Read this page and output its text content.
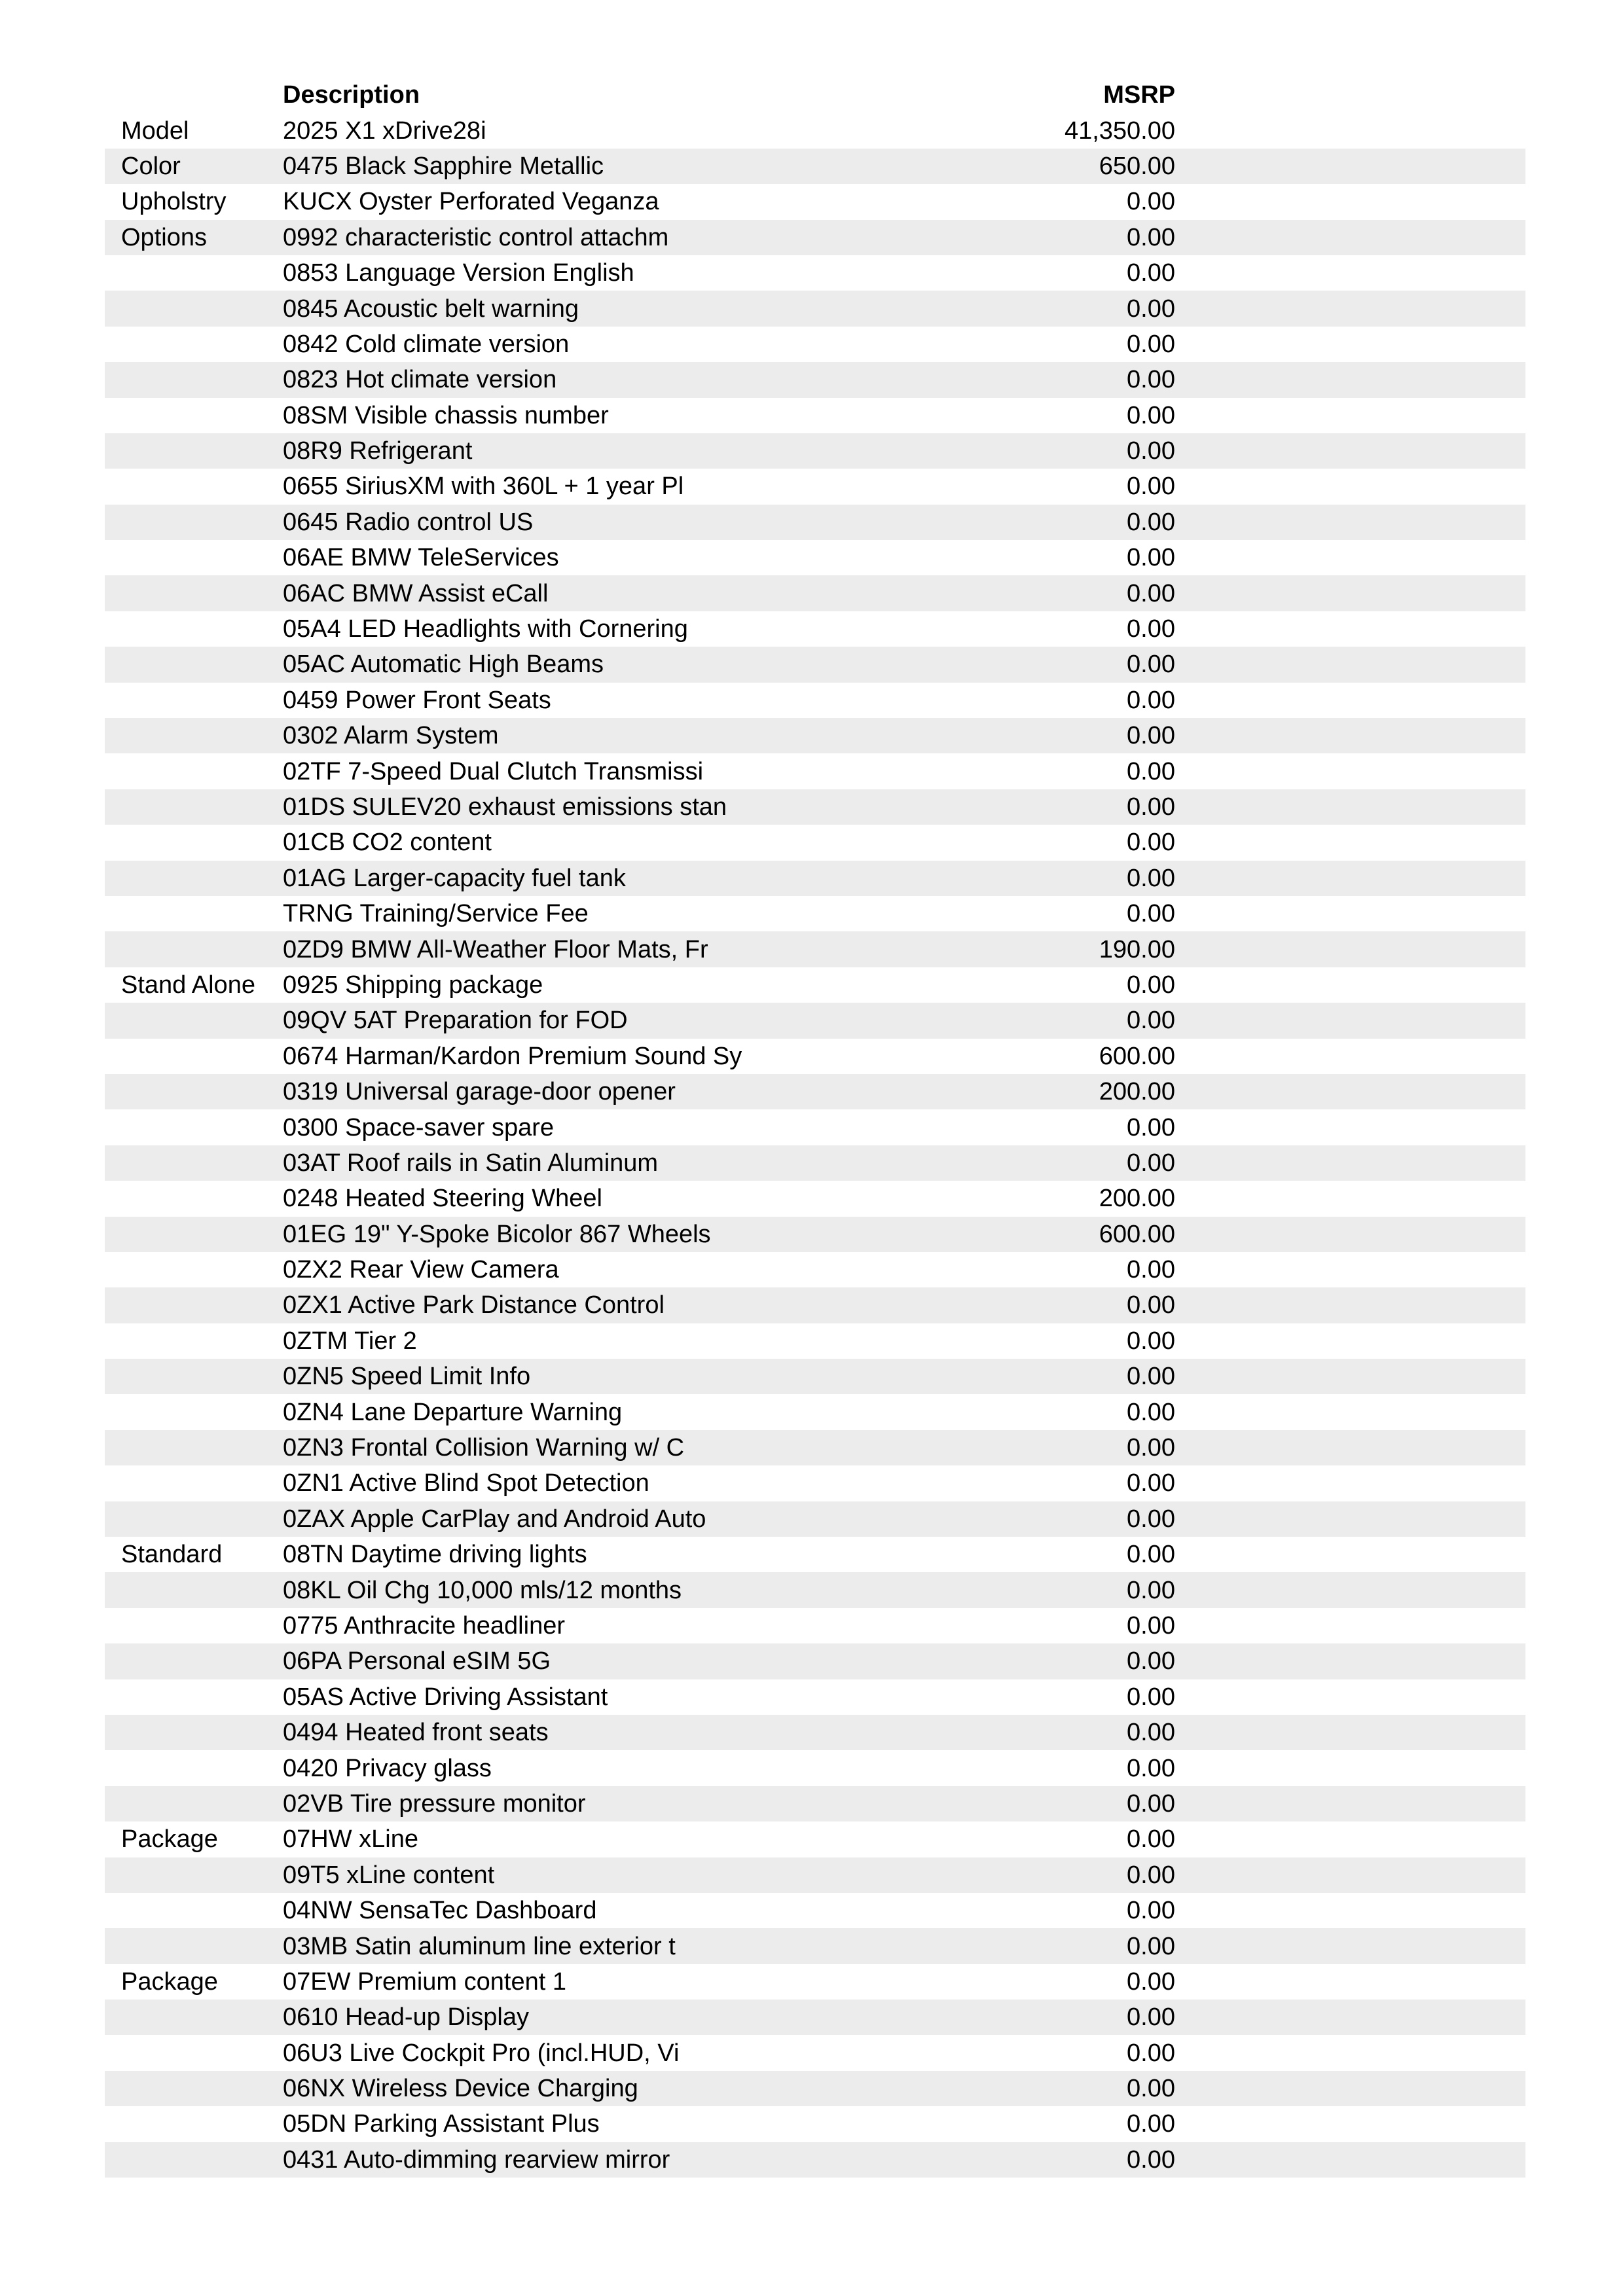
Description	MSRP
Model	2025 X1 xDrive28i	41,350.00
Color	0475 Black Sapphire Metallic	650.00
Upholstry	KUCX Oyster Perforated Veganza	0.00
Options	0992 characteristic control attachm	0.00
0853 Language Version English	0.00
0845 Acoustic belt warning	0.00
0842 Cold climate version	0.00
0823 Hot climate version	0.00
08SM Visible chassis number	0.00
08R9 Refrigerant	0.00
0655 SiriusXM with 360L + 1 year Pl	0.00
0645 Radio control US	0.00
06AE BMW TeleServices	0.00
06AC BMW Assist eCall	0.00
05A4 LED Headlights with Cornering	0.00
05AC Automatic High Beams	0.00
0459 Power Front Seats	0.00
0302 Alarm System	0.00
02TF 7-Speed Dual Clutch Transmissi	0.00
01DS SULEV20 exhaust emissions stan	0.00
01CB CO2 content	0.00
01AG Larger-capacity fuel tank	0.00
TRNG Training/Service Fee	0.00
0ZD9 BMW All-Weather Floor Mats, Fr	190.00
Stand Alone	0925 Shipping package	0.00
09QV 5AT Preparation for FOD	0.00
0674 Harman/Kardon Premium Sound Sy	600.00
0319 Universal garage-door opener	200.00
0300 Space-saver spare	0.00
03AT Roof rails in Satin Aluminum	0.00
0248 Heated Steering Wheel	200.00
01EG 19" Y-Spoke Bicolor 867 Wheels	600.00
0ZX2 Rear View Camera	0.00
0ZX1 Active Park Distance Control	0.00
0ZTM Tier 2	0.00
0ZN5 Speed Limit Info	0.00
0ZN4 Lane Departure Warning	0.00
0ZN3 Frontal Collision Warning w/ C	0.00
0ZN1 Active Blind Spot Detection	0.00
0ZAX Apple CarPlay and Android Auto	0.00
Standard	08TN Daytime driving lights	0.00
08KL Oil Chg 10,000 mls/12 months	0.00
0775 Anthracite headliner	0.00
06PA Personal eSIM 5G	0.00
05AS Active Driving Assistant	0.00
0494 Heated front seats	0.00
0420 Privacy glass	0.00
02VB Tire pressure monitor	0.00
Package	07HW xLine	0.00
09T5 xLine content	0.00
04NW SensaTec Dashboard	0.00
03MB Satin aluminum line exterior t	0.00
Package	07EW Premium content 1	0.00
0610 Head-up Display	0.00
06U3 Live Cockpit Pro (incl.HUD, Vi	0.00
06NX Wireless Device Charging	0.00
05DN Parking Assistant Plus	0.00
0431 Auto-dimming rearview mirror	0.00
